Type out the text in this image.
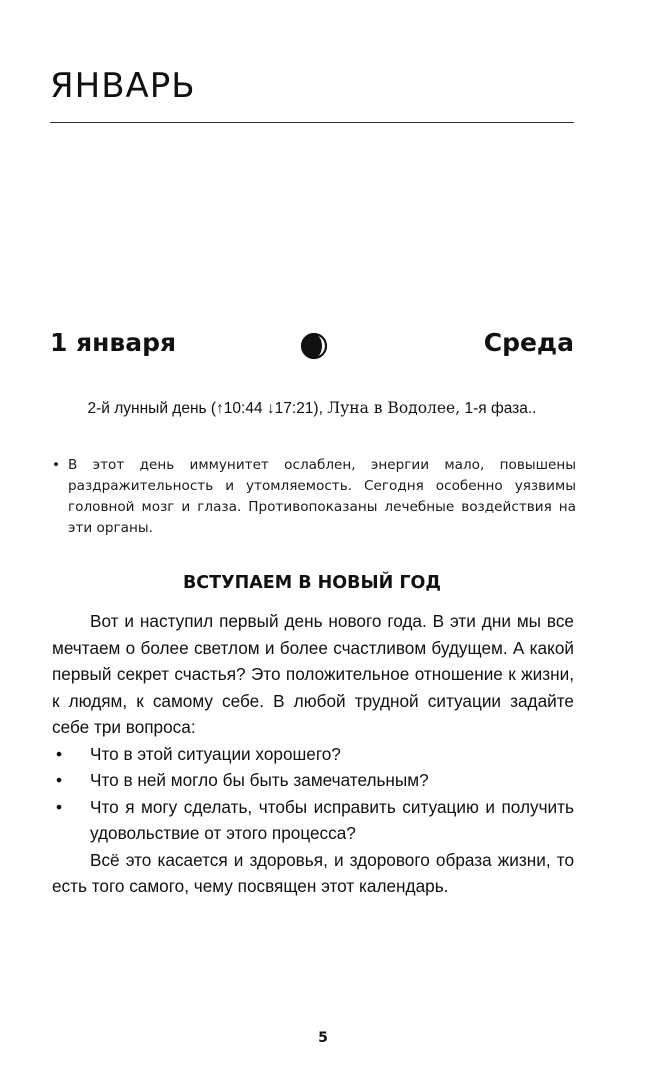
ЯНВАРЬ
1 января	Среда
2-й лунный день (↑10:44 ↓17:21), Луна в Водолее, 1-я фаза..
• В этот день иммунитет ослаблен, энергии мало, повышены раздражительность и утомляемость. Сегодня особенно уязвимы головной мозг и глаза. Противопоказаны лечебные воздействия на эти органы.
ВСТУПАЕМ В НОВЫЙ ГОД

Вот и наступил первый день нового года. В эти дни мы все мечтаем о более светлом и более счастливом будущем. А какой первый секрет счастья? Это положительное отношение к жизни, к людям, к самому себе. В любой трудной ситуации задайте себе три вопроса:

• Что в этой ситуации хорошего?
• Что в ней могло бы быть замечательным?
• Что я могу сделать, чтобы исправить ситуацию и получить удовольствие от этого процесса?

Всё это касается и здоровья, и здорового образа жизни, то есть того самого, чему посвящен этот календарь.

5
